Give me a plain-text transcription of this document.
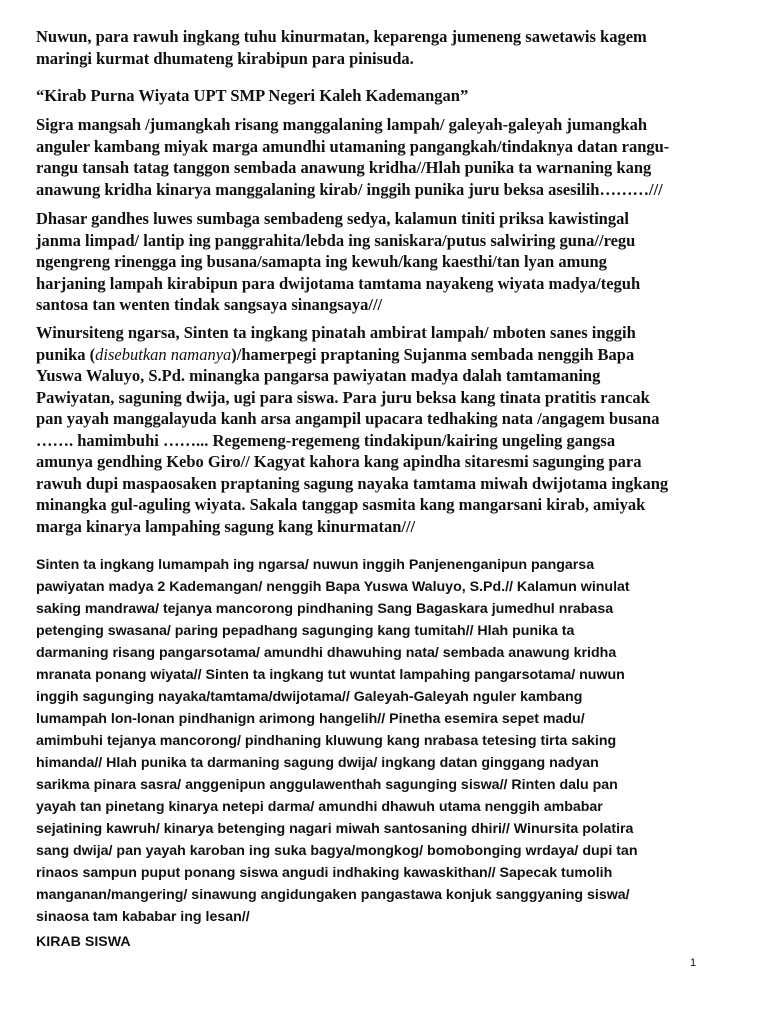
Nuwun, para rawuh ingkang tuhu kinurmatan, keparenga jumeneng sawetawis kagem
maringi kurmat dhumateng kirabipun para pinisuda.

“Kirab Purna Wiyata UPT SMP Negeri Kaleh Kademangan”

Sigra mangsah /jumangkah risang manggalaning lampah/ galeyah-galeyah jumangkah
anguler kambang miyak marga amundhi utamaning pangangkah/tindaknya datan rangu-
rangu tansah tatag tanggon sembada anawung kridha//Hlah punika ta warnaning kang
anawung kridha kinarya manggalaning kirab/ inggih punika juru beksa asesilih………///

Dhasar gandhes luwes sumbaga sembadeng sedya, kalamun tiniti priksa kawistingal
janma limpad/ lantip ing panggrahita/lebda ing saniskara/putus salwiring guna//regu
ngengreng rinengga ing busana/samapta ing kewuh/kang kaesthi/tan lyan amung
harjaning lampah kirabipun para dwijotama tamtama nayakeng wiyata madya/teguh
santosa tan wenten tindak sangsaya sinangsaya///

Winursiteng ngarsa, Sinten ta ingkang pinatah ambirat lampah/ mboten sanes inggih
punika (disebutkan namanya)/hamerpegi praptaning Sujanma sembada nenggih Bapa
Yuswa Waluyo, S.Pd. minangka pangarsa pawiyatan madya dalah tamtamaning
Pawiyatan, saguning dwija, ugi para siswa. Para juru beksa kang tinata pratitis rancak
pan yayah manggalayuda kanh arsa angampil upacara tedhaking nata /angagem busana
……. hamimbuhi ……... Regemeng-regemeng tindakipun/kairing ungeling gangsa
amunya gendhing Kebo Giro// Kagyat kahora kang apindha sitaresmi sagunging para
rawuh dupi maspaosaken praptaning sagung nayaka tamtama miwah dwijotama ingkang
minangka gul-aguling wiyata. Sakala tanggap sasmita kang mangarsani kirab, amiyak
marga kinarya lampahing sagung kang kinurmatan///

Sinten ta ingkang lumampah ing ngarsa/ nuwun inggih Panjenenganipun pangarsa
pawiyatan madya 2 Kademangan/ nenggih Bapa Yuswa Waluyo, S.Pd.// Kalamun winulat
saking mandrawa/ tejanya mancorong pindhaning Sang Bagaskara jumedhul nrabasa
petenging swasana/ paring pepadhang sagunging kang tumitah// Hlah punika ta
darmaning risang pangarsotama/ amundhi dhawuhing nata/ sembada anawung kridha
mranata ponang wiyata// Sinten ta ingkang tut wuntat lampahing pangarsotama/ nuwun
inggih sagunging nayaka/tamtama/dwijotama// Galeyah-Galeyah nguler kambang
lumampah lon-lonan pindhanign arimong hangelih// Pinetha esemira sepet madu/
amimbuhi tejanya mancorong/ pindhaning kluwung kang nrabasa tetesing tirta saking
himanda// Hlah punika ta darmaning sagung dwija/ ingkang datan ginggang nadyan
sarikma pinara sasra/ anggenipun anggulawenthah sagunging siswa// Rinten dalu pan
yayah tan pinetang kinarya netepi darma/ amundhi dhawuh utama nenggih ambabar
sejatining kawruh/ kinarya betenging nagari miwah santosaning dhiri// Winursita polatira
sang dwija/ pan yayah karoban ing suka bagya/mongkog/ bomobonging wrdaya/ dupi tan
rinaos sampun puput ponang siswa angudi indhaking kawaskithan// Sapecak tumolih
manganan/mangering/ sinawung angidungaken pangastawa konjuk sanggyaning siswa/
sinaosa tam kababar ing lesan//

KIRAB SISWA

1
